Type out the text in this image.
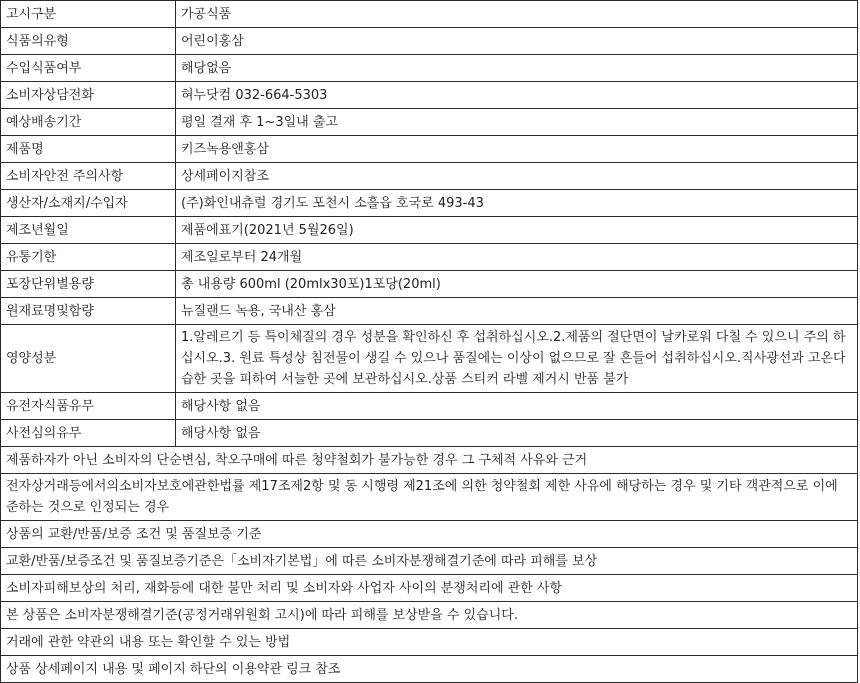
고시구분	가공식품
식품의유형	어린이홍삼
수입식품여부	해당없음
소비자상담전화	혀누닷컴 032-664-5303
예상배송기간	평일 결재 후 1~3일내 출고
제품명	키즈녹용앤홍삼
소비자안전 주의사항	상세페이지참조
생산자/소재지/수입자	(주)화인내츄럴 경기도 포천시 소흘읍 호국로 493-43
제조년월일	제품에표기(2021년 5월26일)
유통기한	제조일로부터 24개월
포장단위별용량	총 내용량 600ml (20mlx30포)1포당(20ml)
원재료명및함량	뉴질랜드 녹용, 국내산 홍삼
영양성분	1.알레르기 등 특이체질의 경우 성분을 확인하신 후 섭취하십시오.2.제품의 절단면이 날카로워 다칠 수 있으니 주의 하십시오.3. 원료 특성상 침전물이 생길 수 있으나 품질에는 이상이 없으므로 잘 흔들어 섭취하십시오.직사광선과 고온다습한 곳을 피하여 서늘한 곳에 보관하십시오.상품 스티커 라벨 제거시 반품 불가
유전자식품유무	해당사항 없음
사전심의유무	해당사항 없음
제품하자가 아닌 소비자의 단순변심, 착오구매에 따른 청약철회가 불가능한 경우 그 구체적 사유와 근거	
전자상거래등에서의소비자보호에관한법률 제17조제2항 및 동 시행령 제21조에 의한 청약철회 제한 사유에 해당하는 경우 및 기타 객관적으로 이에 준하는 것으로 인정되는 경우	
상품의 교환/반품/보증 조건 및 품질보증 기준	
교환/반품/보증조건 및 품질보증기준은「소비자기본법」에 따른 소비자분쟁해결기준에 따라 피해를 보상	
소비자피해보상의 처리, 재화등에 대한 불만 처리 및 소비자와 사업자 사이의 분쟁처리에 관한 사항	
본 상품은 소비자분쟁해결기준(공정거래위원회 고시)에 따라 피해를 보상받을 수 있습니다.	
거래에 관한 약관의 내용 또는 확인할 수 있는 방법	
상품 상세페이지 내용 및 페이지 하단의 이용약관 링크 참조	
